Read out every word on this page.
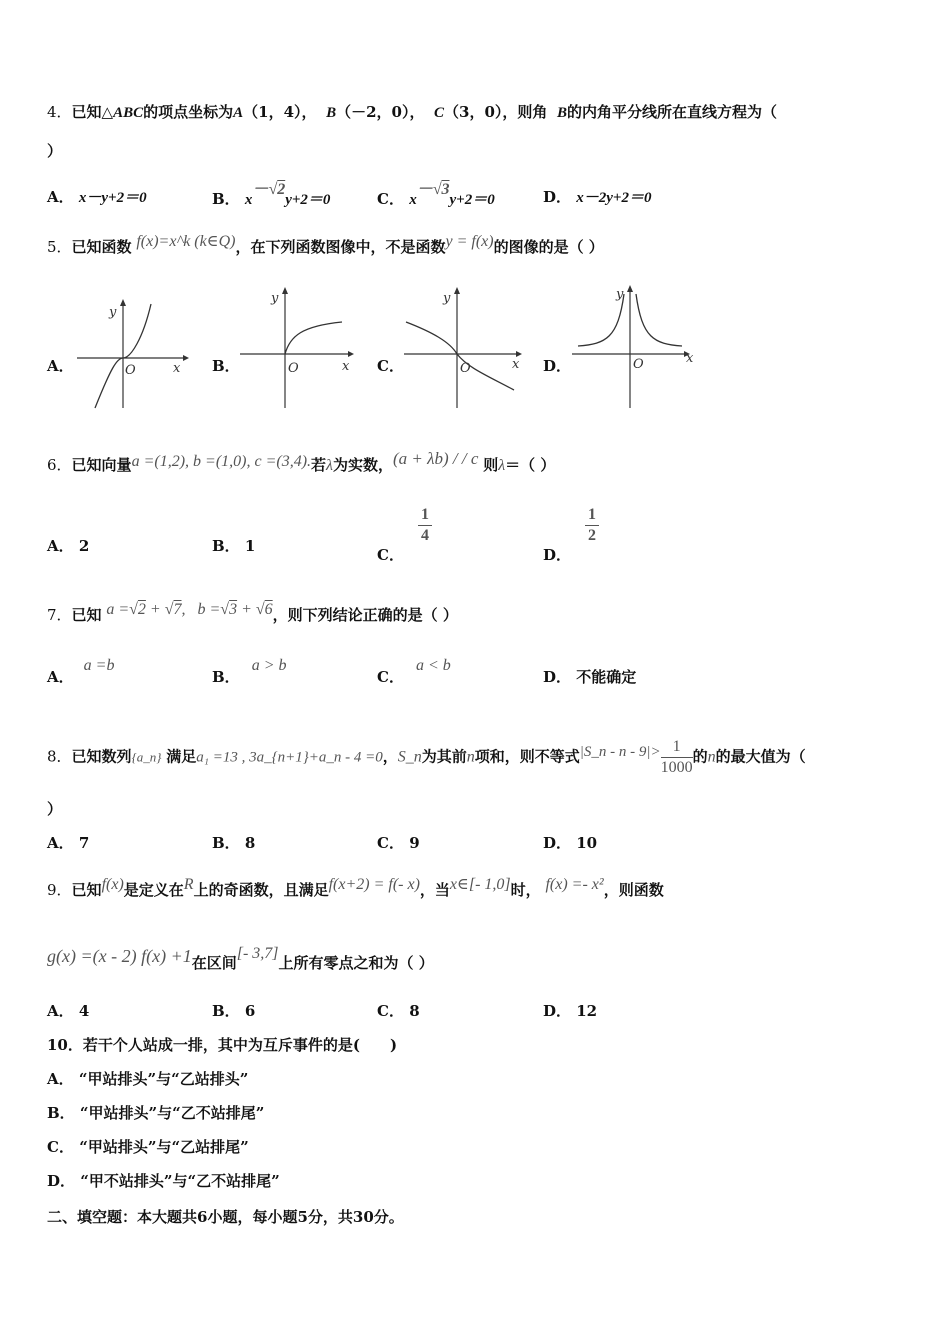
4．已知△ABC的项点坐标为A（1，4）， B（－2，0）， C（3，0），则角 B的内角平分线所在直线方程为（
）
A． x－y+2＝0	B． x－√2y+2＝0	C． x－√3y+2＝0	D． x－2y+2＝0
5．已知函数 f(x)=x^k (k∈Q)，在下列函数图像中，不是函数y = f(x)的图像的是（ ）
A．
y
x
O	B．
y
x
O	C．
y
x
O	D．
y
x
O
6．已知向量a =(1,2), b =(1,0), c =(3,4).若λ为实数，(a + λb) / / c 则λ＝（ ）
A． 2	B． 1	C．
$\frac{1}{4}$
D．
$\frac{1}{2}$
7．已知 a =√2 + √7, b =√3 + √6，则下列结论正确的是（ ）
A．a =b
B．a > b
C．a < b
D． 不能确定
8．已知数列{a_n} 满足a₁ =13 , 3a_{n+1}+a_n - 4 =0，S_n为其前n项和，则不等式|S_n - $n - 9|> \frac{1}{1000}$ 的n的最大值为（
）
A． 7	B． 8	C． 9	D． 10
9．已知f(x)是定义在R上的奇函数，且满足f(x+2) = f(- x)，当x∈[- 1,0]时， f(x) =- x²，则函数
g(x) =(x - 2) f(x) +1在区间[- 3,7]上所有零点之和为（ ）
A． 4	B． 6	C． 8	D． 12
10．若干个人站成一排，其中为互斥事件的是(　　)
A． “甲站排头”与“乙站排头”
B． “甲站排头”与“乙不站排尾”
C． “甲站排头”与“乙站排尾”
D． “甲不站排头”与“乙不站排尾”
二、填空题：本大题共6小题，每小题5分，共30分。
